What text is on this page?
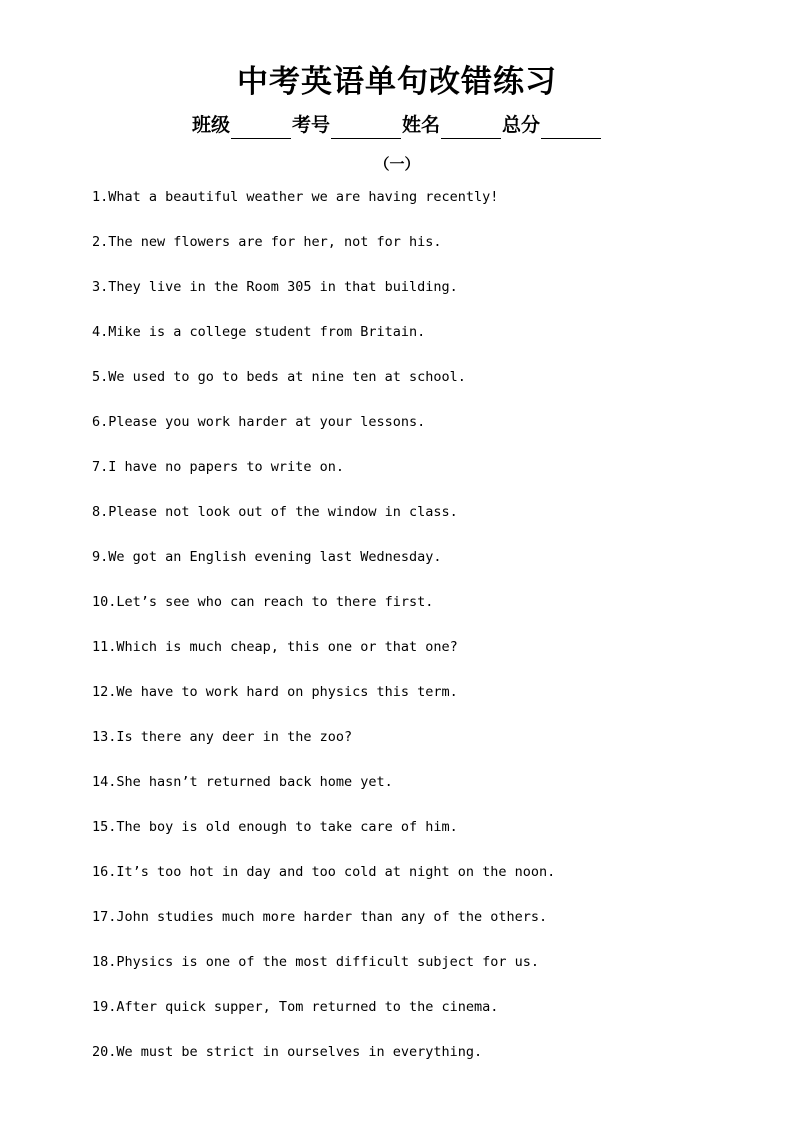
中考英语单句改错练习
班级	考号	姓名	总分
（一）
1.What a beautiful weather we are having recently!
2.The new flowers are for her, not for his.
3.They live in the Room 305 in that building.
4.Mike is a college student from Britain.
5.We used to go to beds at nine ten at school.
6.Please you work harder at your lessons.
7.I have no papers to write on.
8.Please not look out of the window in class.
9.We got an English evening last Wednesday.
10.Let’s see who can reach to there first.
11.Which is much cheap, this one or that one?
12.We have to work hard on physics this term.
13.Is there any deer in the zoo?
14.She hasn’t returned back home yet.
15.The boy is old enough to take care of him.
16.It’s too hot in day and too cold at night on the noon.
17.John studies much more harder than any of the others.
18.Physics is one of the most difficult subject for us.
19.After quick supper, Tom returned to the cinema.
20.We must be strict in ourselves in everything.
